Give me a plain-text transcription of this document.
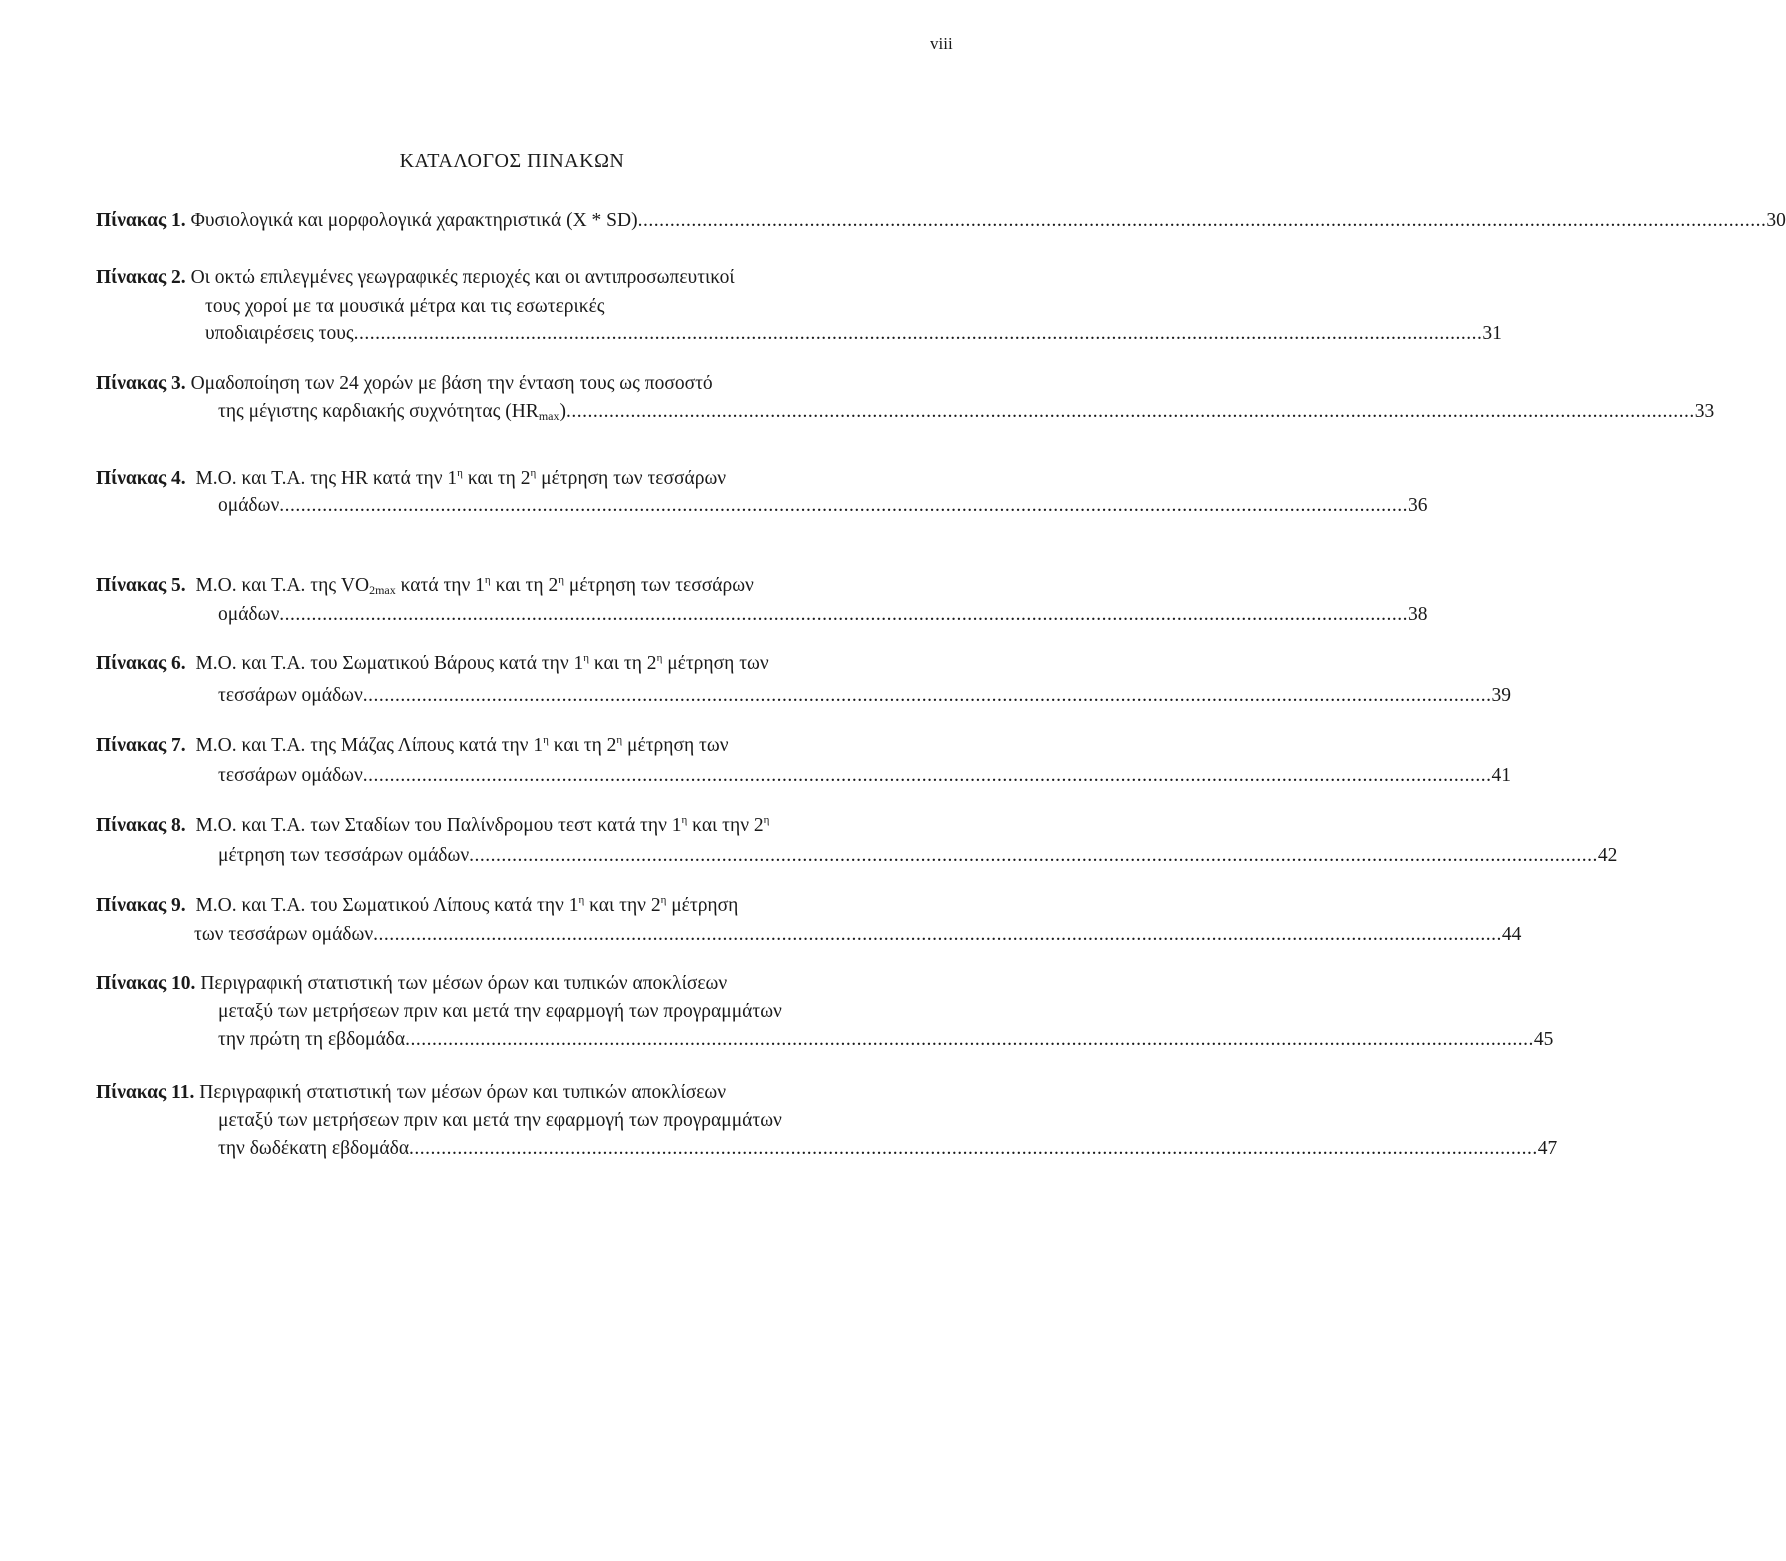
viii
ΚΑΤΑΛΟΓΟΣ ΠΙΝΑΚΩΝ
Πίνακας 1.
Φυσιολογικά και μορφολογικά χαρακτηριστικά (X * SD) .................................................................................................................................................................................................................. 30
Πίνακας 2. Οι οκτώ επιλεγμένες γεωγραφικές περιοχές και οι αντιπροσωπευτικοί
τους χοροί με τα μουσικά μέτρα και τις εσωτερικές
υποδιαιρέσεις τους .................................................................................................................................................................................................................. 31
Πίνακας 3. Ομαδοποίηση των 24 χορών με βάση την ένταση τους ως ποσοστό
της μέγιστης καρδιακής συχνότητας $(HR_{max})$ .................................................................................................................................................................................................................. 33
Πίνακας 4. Μ.Ο. και Τ.Α. της HR κατά την $1^\eta$ και τη $2^\eta$ μέτρηση των τεσσάρων
ομάδων .................................................................................................................................................................................................................. 36
Πίνακας 5. Μ.Ο. και Τ.Α. της $VO_{2max}$ κατά την $1^\eta$ και τη $2^\eta$ μέτρηση των τεσσάρων
ομάδων .................................................................................................................................................................................................................. 38
Πίνακας 6. Μ.Ο. και Τ.Α. του Σωματικού Βάρους κατά την $1^\eta$ και τη $2^\eta$ μέτρηση των
τεσσάρων ομάδων .................................................................................................................................................................................................................. 39
Πίνακας 7. Μ.Ο. και Τ.Α. της Μάζας Λίπους κατά την $1^\eta$ και τη $2^\eta$ μέτρηση των
τεσσάρων ομάδων .................................................................................................................................................................................................................. 41
Πίνακας 8. Μ.Ο. και Τ.Α. των Σταδίων του Παλίνδρομου τεστ κατά την $1^\eta$ και την $2^\eta$
μέτρηση των τεσσάρων ομάδων .................................................................................................................................................................................................................. 42
Πίνακας 9. Μ.Ο. και Τ.Α. του Σωματικού Λίπους κατά την $1^\eta$ και την $2^\eta$ μέτρηση
των τεσσάρων ομάδων .................................................................................................................................................................................................................. 44
Πίνακας 10. Περιγραφική στατιστική των μέσων όρων και τυπικών αποκλίσεων
μεταξύ των μετρήσεων πριν και μετά την εφαρμογή των προγραμμάτων
την πρώτη τη εβδομάδα .................................................................................................................................................................................................................. 45
Πίνακας 11. Περιγραφική στατιστική των μέσων όρων και τυπικών αποκλίσεων
μεταξύ των μετρήσεων πριν και μετά την εφαρμογή των προγραμμάτων
την δωδέκατη εβδομάδα .................................................................................................................................................................................................................. 47
